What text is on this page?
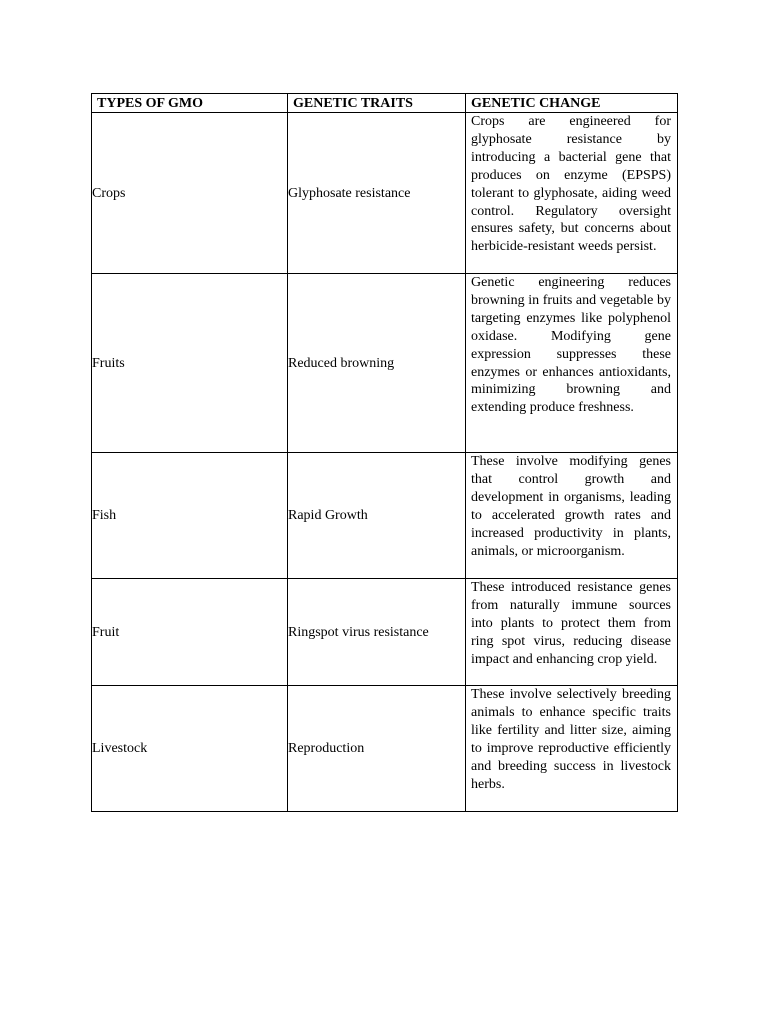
TYPES OF GMO	GENETIC TRAITS	GENETIC CHANGE
Crops	Glyphosate resistance	Crops are engineered for glyphosate resistance by introducing a bacterial gene that produces on enzyme (EPSPS) tolerant to glyphosate, aiding weed control. Regulatory oversight ensures safety, but concerns about herbicide-resistant weeds persist.
Fruits	Reduced browning	Genetic engineering reduces browning in fruits and vegetable by targeting enzymes like polyphenol oxidase. Modifying gene expression suppresses these enzymes or enhances antioxidants, minimizing browning and extending produce freshness.
Fish	Rapid Growth	These involve modifying genes that control growth and development in organisms, leading to accelerated growth rates and increased productivity in plants, animals, or microorganism.
Fruit	Ringspot virus resistance	These introduced resistance genes from naturally immune sources into plants to protect them from ring spot virus, reducing disease impact and enhancing crop yield.
Livestock	Reproduction	These involve selectively breeding animals to enhance specific traits like fertility and litter size, aiming to improve reproductive efficiently and breeding success in livestock herbs.
